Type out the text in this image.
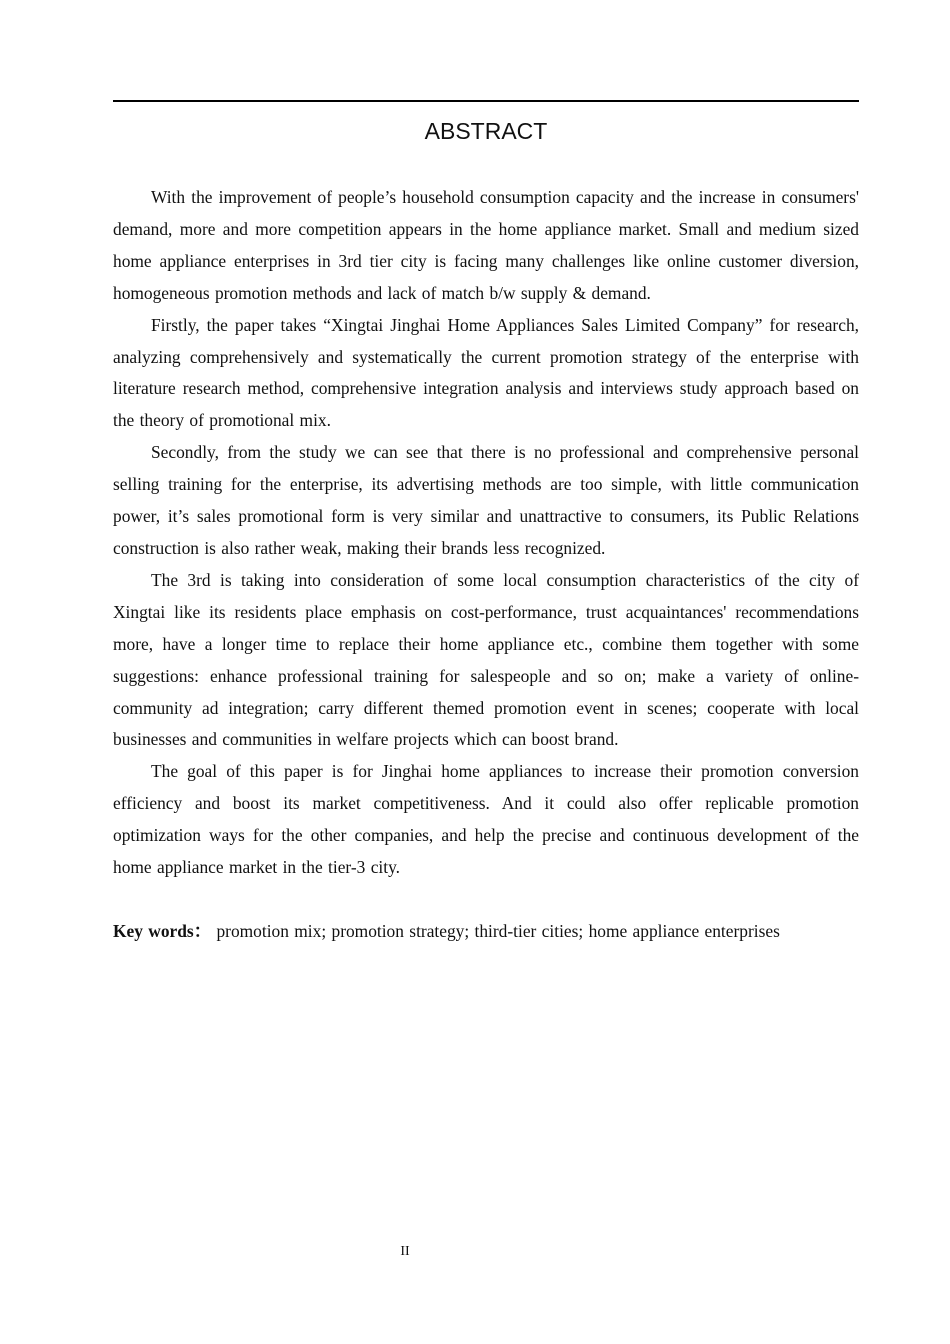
ABSTRACT

With the improvement of people’s household consumption capacity and the increase in consumers' demand, more and more competition appears in the home appliance market. Small and medium sized home appliance enterprises in 3rd tier city is facing many challenges like online customer diversion, homogeneous promotion methods and lack of match b/w supply & demand.

Firstly, the paper takes “Xingtai Jinghai Home Appliances Sales Limited Company” for research, analyzing comprehensively and systematically the current promotion strategy of the enterprise with literature research method, comprehensive integration analysis and interviews study approach based on the theory of promotional mix.

Secondly, from the study we can see that there is no professional and comprehensive personal selling training for the enterprise, its advertising methods are too simple, with little communication power, it’s sales promotional form is very similar and unattractive to consumers, its Public Relations construction is also rather weak, making their brands less recognized.

The 3rd is taking into consideration of some local consumption characteristics of the city of Xingtai like its residents place emphasis on cost-performance, trust acquaintances' recommendations more, have a longer time to replace their home appliance etc., combine them together with some suggestions: enhance professional training for salespeople and so on; make a variety of online-community ad integration; carry different themed promotion event in scenes; cooperate with local businesses and communities in welfare projects which can boost brand.

The goal of this paper is for Jinghai home appliances to increase their promotion conversion efficiency and boost its market competitiveness. And it could also offer replicable promotion optimization ways for the other companies, and help the precise and continuous development of the home appliance market in the tier-3 city.

Key words： promotion mix; promotion strategy; third-tier cities; home appliance enterprises

II
